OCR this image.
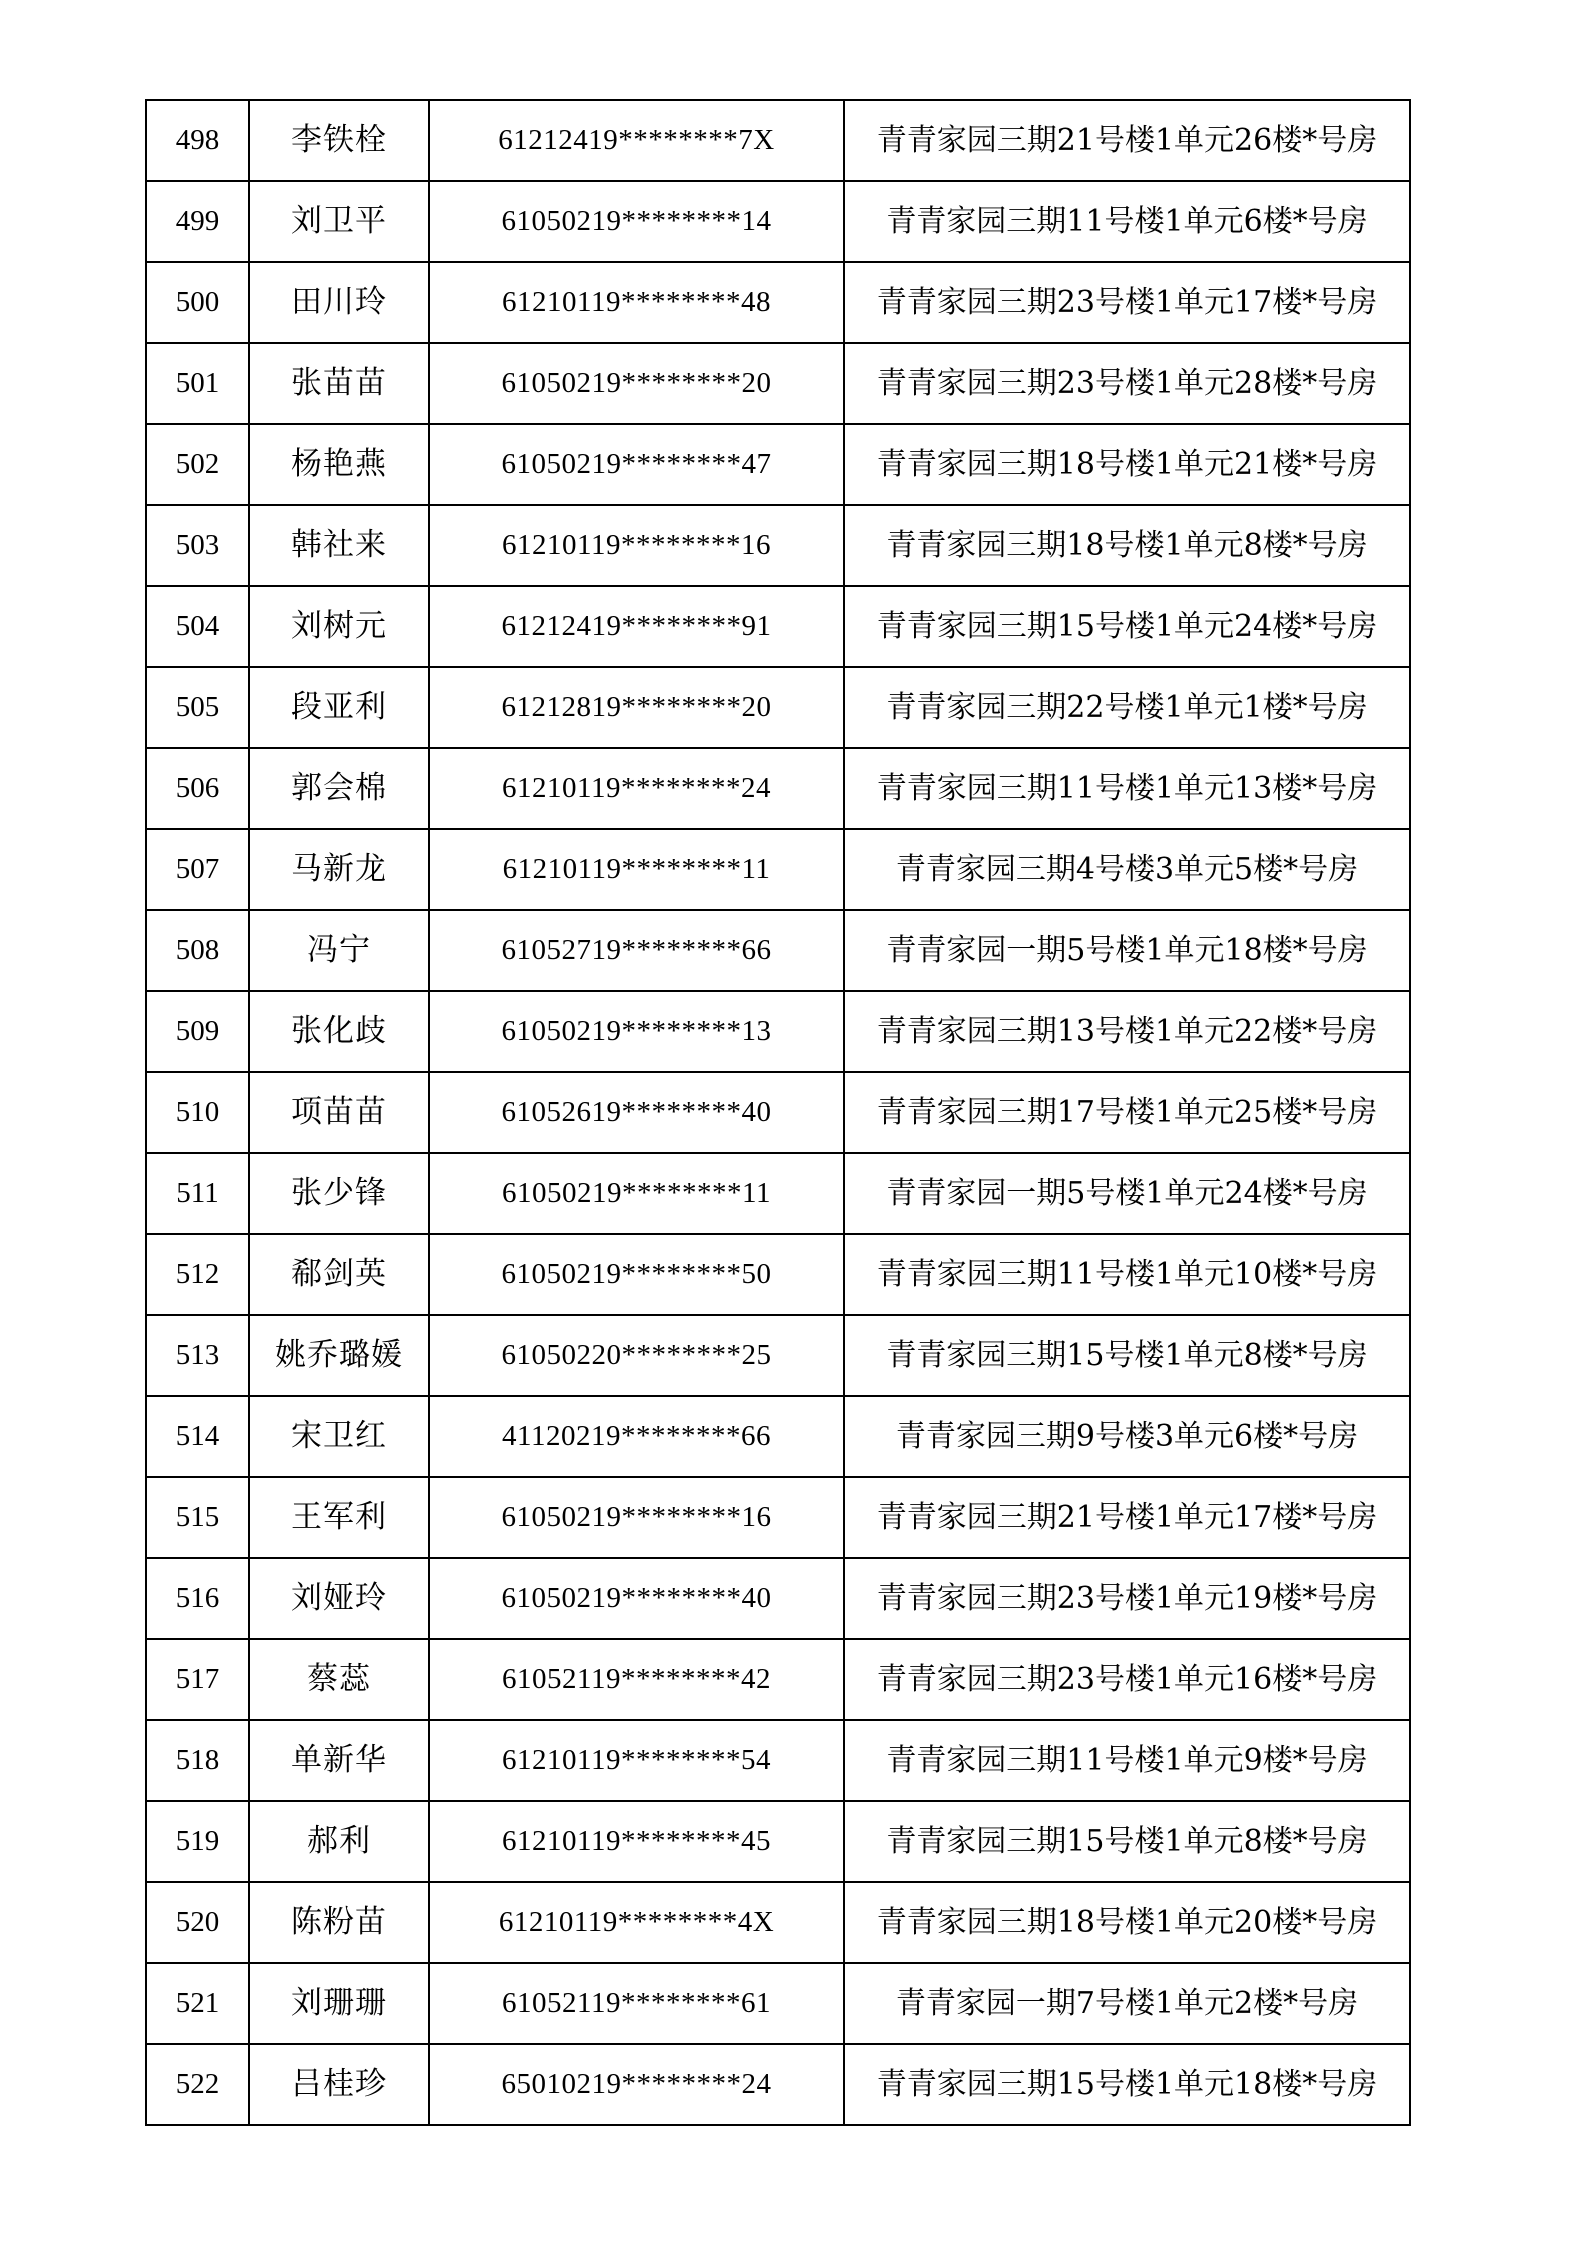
498	李铁栓	61212419********7X	青青家园三期21号楼1单元26楼*号房
499	刘卫平	61050219********14	青青家园三期11号楼1单元6楼*号房
500	田川玲	61210119********48	青青家园三期23号楼1单元17楼*号房
501	张苗苗	61050219********20	青青家园三期23号楼1单元28楼*号房
502	杨艳燕	61050219********47	青青家园三期18号楼1单元21楼*号房
503	韩社来	61210119********16	青青家园三期18号楼1单元8楼*号房
504	刘树元	61212419********91	青青家园三期15号楼1单元24楼*号房
505	段亚利	61212819********20	青青家园三期22号楼1单元1楼*号房
506	郭会棉	61210119********24	青青家园三期11号楼1单元13楼*号房
507	马新龙	61210119********11	青青家园三期4号楼3单元5楼*号房
508	冯宁	61052719********66	青青家园一期5号楼1单元18楼*号房
509	张化歧	61050219********13	青青家园三期13号楼1单元22楼*号房
510	项苗苗	61052619********40	青青家园三期17号楼1单元25楼*号房
511	张少锋	61050219********11	青青家园一期5号楼1单元24楼*号房
512	郗剑英	61050219********50	青青家园三期11号楼1单元10楼*号房
513	姚乔璐媛	61050220********25	青青家园三期15号楼1单元8楼*号房
514	宋卫红	41120219********66	青青家园三期9号楼3单元6楼*号房
515	王军利	61050219********16	青青家园三期21号楼1单元17楼*号房
516	刘娅玲	61050219********40	青青家园三期23号楼1单元19楼*号房
517	蔡蕊	61052119********42	青青家园三期23号楼1单元16楼*号房
518	单新华	61210119********54	青青家园三期11号楼1单元9楼*号房
519	郝利	61210119********45	青青家园三期15号楼1单元8楼*号房
520	陈粉苗	61210119********4X	青青家园三期18号楼1单元20楼*号房
521	刘珊珊	61052119********61	青青家园一期7号楼1单元2楼*号房
522	吕桂珍	65010219********24	青青家园三期15号楼1单元18楼*号房
